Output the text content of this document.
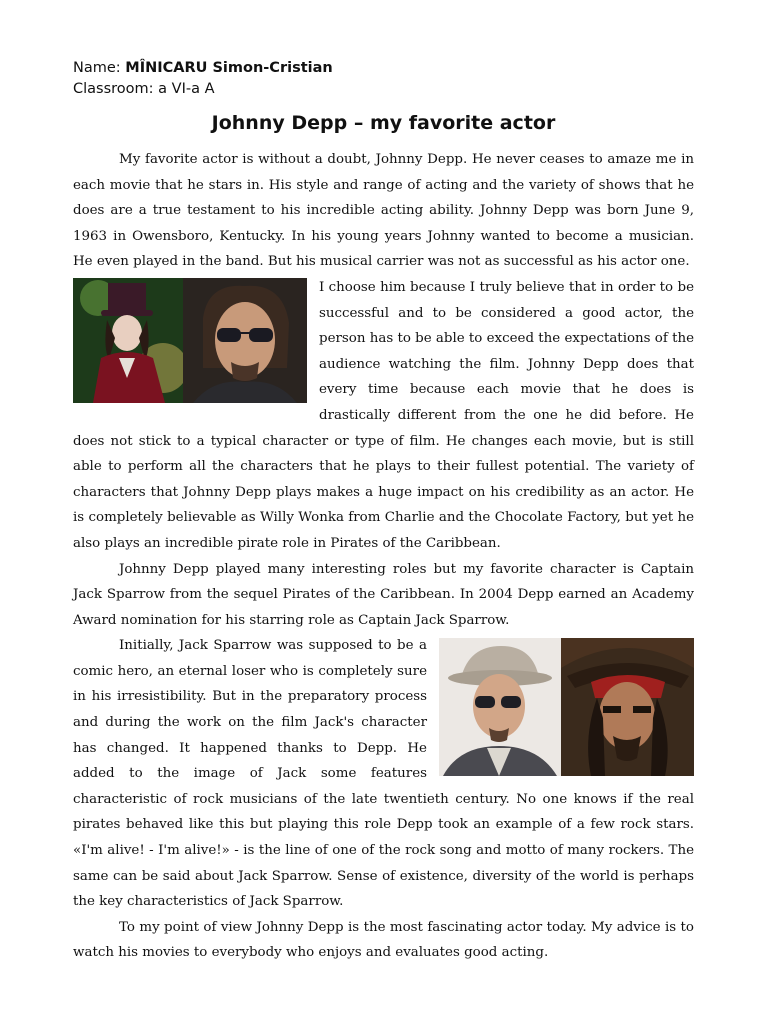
Name: MÎNICARU Simon-Cristian
Classroom: a VI-a A
Johnny Depp – my favorite actor

My favorite actor is without a doubt, Johnny Depp. He never ceases to amaze me in each movie that he stars in. His style and range of acting and the variety of shows that he does are a true testament to his incredible acting ability. Johnny Depp was born June 9, 1963 in Owensboro, Kentucky. In his young years Johnny wanted to become a musician. He even played in the band. But his musical carrier was not as successful as his actor one.

I choose him because I truly believe that in order to be successful and to be considered a good actor, the person has to be able to exceed the expectations of the audience watching the film. Johnny Depp does that every time because each movie that he does is drastically different from the one he did before. He does not stick to a typical character or type of film. He changes each movie, but is still able to perform all the characters that he plays to their fullest potential. The variety of characters that Johnny Depp plays makes a huge impact on his credibility as an actor. He is completely believable as Willy Wonka from Charlie and the Chocolate Factory, but yet he also plays an incredible pirate role in Pirates of the Caribbean.

Johnny Depp played many interesting roles but my favorite character is Captain Jack Sparrow from the sequel Pirates of the Caribbean. In 2004 Depp earned an Academy Award nomination for his starring role as Captain Jack Sparrow.

Initially, Jack Sparrow was supposed to be a comic hero, an eternal loser who is completely sure in his irresistibility. But in the preparatory process and during the work on the film Jack's character has changed. It happened thanks to Depp. He added to the image of Jack some features characteristic of rock musicians of the late twentieth century. No one knows if the real pirates behaved like this but playing this role Depp took an example of a few rock stars. «I'm alive! - I'm alive!» - is the line of one of the rock song and motto of many rockers. The same can be said about Jack Sparrow. Sense of existence, diversity of the world is perhaps the key characteristics of Jack Sparrow.

To my point of view Johnny Depp is the most fascinating actor today. My advice is to watch his movies to everybody who enjoys and evaluates good acting.
